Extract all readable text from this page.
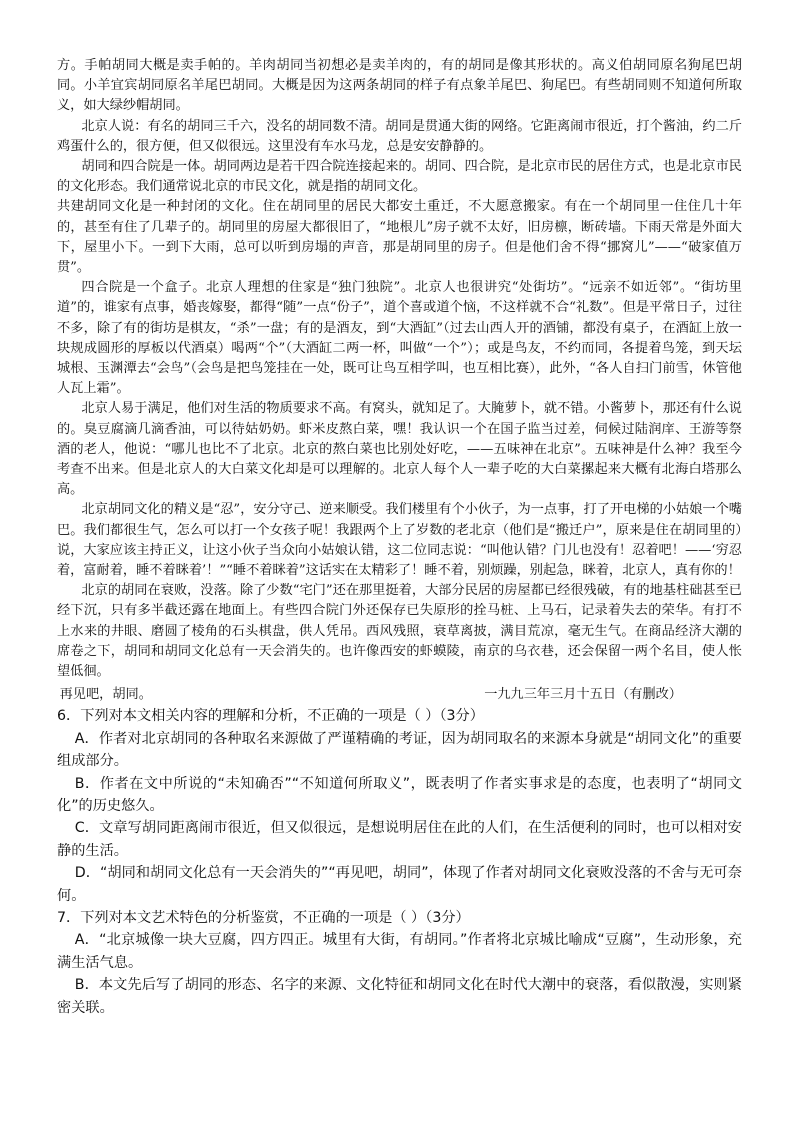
方。手帕胡同大概是卖手帕的。羊肉胡同当初想必是卖羊肉的，有的胡同是像其形状的。高义伯胡同原名狗尾巴胡同。小羊宜宾胡同原名羊尾巴胡同。大概是因为这两条胡同的样子有点象羊尾巴、狗尾巴。有些胡同则不知道何所取义，如大绿纱帽胡同。

北京人说：有名的胡同三千六，没名的胡同数不清。胡同是贯通大街的网络。它距离闹市很近，打个酱油，约二斤鸡蛋什么的，很方便，但又似很远。这里没有车水马龙，总是安安静静的。

胡同和四合院是一体。胡同两边是若干四合院连接起来的。胡同、四合院，是北京市民的居住方式，也是北京市民的文化形态。我们通常说北京的市民文化，就是指的胡同文化。

共建胡同文化是一种封闭的文化。住在胡同里的居民大都安土重迁，不大愿意搬家。有在一个胡同里一住住几十年的，甚至有住了几辈子的。胡同里的房屋大都很旧了，“地根儿”房子就不太好，旧房檩，断砖墙。下雨天常是外面大下，屋里小下。一到下大雨，总可以听到房塌的声音，那是胡同里的房子。但是他们舍不得“挪窝儿”——“破家值万贯”。

四合院是一个盒子。北京人理想的住家是“独门独院”。北京人也很讲究“处街坊”。“远亲不如近邻”。“街坊里道”的，谁家有点事，婚丧嫁娶，都得“随”一点“份子”，道个喜或道个恼，不这样就不合“礼数”。但是平常日子，过往不多，除了有的街坊是棋友，“杀”一盘；有的是酒友，到“大酒缸”（过去山西人开的酒铺，都没有桌子，在酒缸上放一块规成圆形的厚板以代酒桌）喝两“个”（大酒缸二两一杯，叫做“一个”）；或是鸟友，不约而同，各提着鸟笼，到天坛城根、玉渊潭去“会鸟”（会鸟是把鸟笼挂在一处，既可让鸟互相学叫，也互相比赛），此外，“各人自扫门前雪，休管他人瓦上霜”。

北京人易于满足，他们对生活的物质要求不高。有窝头，就知足了。大腌萝卜，就不错。小酱萝卜，那还有什么说的。臭豆腐滴几滴香油，可以待姑奶奶。虾米皮熬白菜，嘿！我认识一个在国子监当过差，伺候过陆润庠、王游等祭酒的老人，他说：“哪儿也比不了北京。北京的熬白菜也比别处好吃，——五味神在北京”。五味神是什么神？我至今考查不出来。但是北京人的大白菜文化却是可以理解的。北京人每个人一辈子吃的大白菜摞起来大概有北海白塔那么高。

北京胡同文化的精义是“忍”，安分守己、逆来顺受。我们楼里有个小伙子，为一点事，打了开电梯的小姑娘一个嘴巴。我们都很生气，怎么可以打一个女孩子呢！我跟两个上了岁数的老北京（他们是“搬迁户”，原来是住在胡同里的）说，大家应该主持正义，让这小伙子当众向小姑娘认错，这二位同志说：“叫他认错？门儿也没有！忍着吧！——‘穷忍着，富耐着，睡不着眯着’！”“睡不着眯着”这话实在太精彩了！睡不着，别烦躁，别起急，眯着，北京人，真有你的！

北京的胡同在衰败，没落。除了少数“宅门”还在那里挺着，大部分民居的房屋都已经很残破，有的地基柱础甚至已经下沉，只有多半截还露在地面上。有些四合院门外还保存已失原形的拴马桩、上马石，记录着失去的荣华。有打不上水来的井眼、磨圆了棱角的石头棋盘，供人凭吊。西风残照，衰草离披，满目荒凉，毫无生气。在商品经济大潮的席卷之下，胡同和胡同文化总有一天会消失的。也许像西安的虾蟆陵，南京的乌衣巷，还会保留一两个名目，使人怅望低徊。

再见吧，胡同。	一九九三年三月十五日（有删改）

6．下列对本文相关内容的理解和分析，不正确的一项是（ ）（3分）

A．作者对北京胡同的各种取名来源做了严谨精确的考证，因为胡同取名的来源本身就是“胡同文化”的重要组成部分。

B．作者在文中所说的“未知确否”“不知道何所取义”，既表明了作者实事求是的态度，也表明了“胡同文化”的历史悠久。

C．文章写胡同距离闹市很近，但又似很远，是想说明居住在此的人们，在生活便利的同时，也可以相对安静的生活。

D．“胡同和胡同文化总有一天会消失的”“再见吧，胡同”，体现了作者对胡同文化衰败没落的不舍与无可奈何。

7．下列对本文艺术特色的分析鉴赏，不正确的一项是（ ）（3分）

A．“北京城像一块大豆腐，四方四正。城里有大街，有胡同。”作者将北京城比喻成“豆腐”，生动形象，充满生活气息。

B．本文先后写了胡同的形态、名字的来源、文化特征和胡同文化在时代大潮中的衰落，看似散漫，实则紧密关联。
